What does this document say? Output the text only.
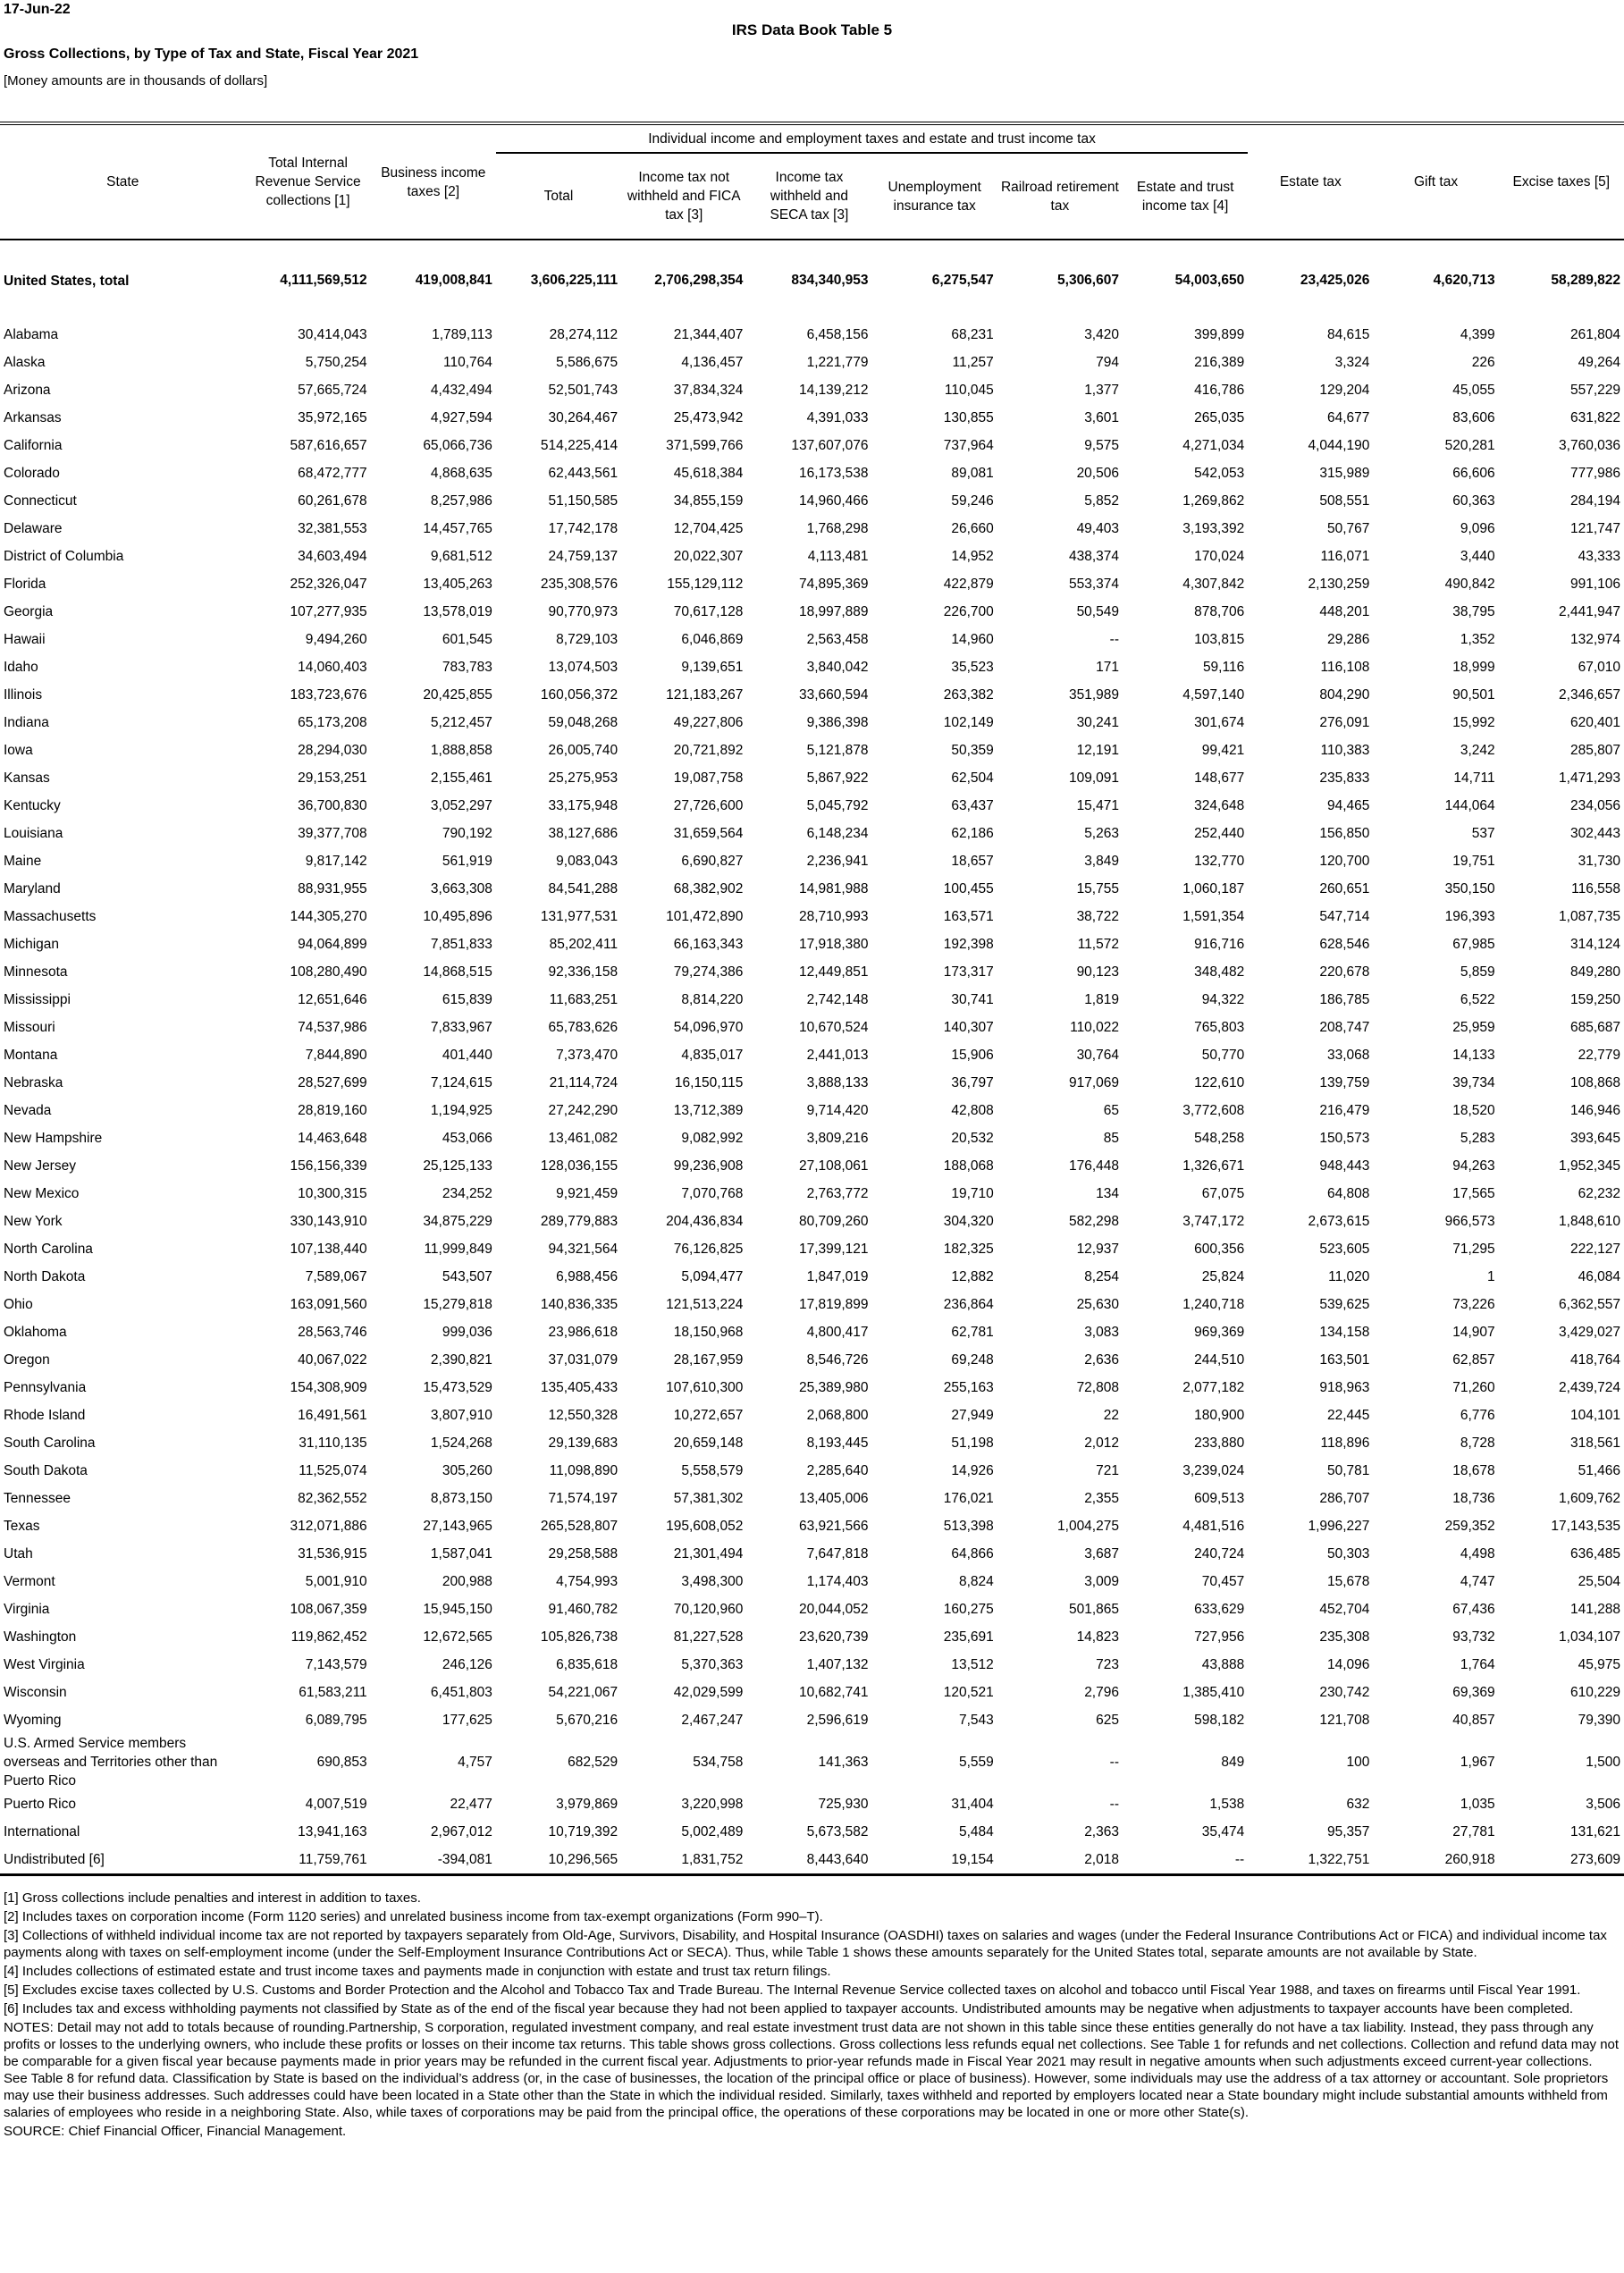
17-Jun-22
IRS Data Book Table 5
Gross Collections, by Type of Tax and State, Fiscal Year 2021
[Money amounts are in thousands of dollars]
State	Total Internal Revenue Service collections [1]	Business income taxes [2]	Individual income and employment taxes and estate and trust income tax						Estate tax	Gift tax	Excise taxes [5]
			Total	Income tax not withheld and FICA tax [3]	Income tax withheld and SECA tax [3]	Unemployment insurance tax	Railroad retirement tax	Estate and trust income tax [4]			

United States, total	4,111,569,512	419,008,841	3,606,225,111	2,706,298,354	834,340,953	6,275,547	5,306,607	54,003,650	23,425,026	4,620,713	58,289,822
Alabama	30,414,043	1,789,113	28,274,112	21,344,407	6,458,156	68,231	3,420	399,899	84,615	4,399	261,804
Alaska	5,750,254	110,764	5,586,675	4,136,457	1,221,779	11,257	794	216,389	3,324	226	49,264
Arizona	57,665,724	4,432,494	52,501,743	37,834,324	14,139,212	110,045	1,377	416,786	129,204	45,055	557,229
Arkansas	35,972,165	4,927,594	30,264,467	25,473,942	4,391,033	130,855	3,601	265,035	64,677	83,606	631,822
California	587,616,657	65,066,736	514,225,414	371,599,766	137,607,076	737,964	9,575	4,271,034	4,044,190	520,281	3,760,036
Colorado	68,472,777	4,868,635	62,443,561	45,618,384	16,173,538	89,081	20,506	542,053	315,989	66,606	777,986
Connecticut	60,261,678	8,257,986	51,150,585	34,855,159	14,960,466	59,246	5,852	1,269,862	508,551	60,363	284,194
Delaware	32,381,553	14,457,765	17,742,178	12,704,425	1,768,298	26,660	49,403	3,193,392	50,767	9,096	121,747
District of Columbia	34,603,494	9,681,512	24,759,137	20,022,307	4,113,481	14,952	438,374	170,024	116,071	3,440	43,333
Florida	252,326,047	13,405,263	235,308,576	155,129,112	74,895,369	422,879	553,374	4,307,842	2,130,259	490,842	991,106
Georgia	107,277,935	13,578,019	90,770,973	70,617,128	18,997,889	226,700	50,549	878,706	448,201	38,795	2,441,947
Hawaii	9,494,260	601,545	8,729,103	6,046,869	2,563,458	14,960	--	103,815	29,286	1,352	132,974
Idaho	14,060,403	783,783	13,074,503	9,139,651	3,840,042	35,523	171	59,116	116,108	18,999	67,010
Illinois	183,723,676	20,425,855	160,056,372	121,183,267	33,660,594	263,382	351,989	4,597,140	804,290	90,501	2,346,657
Indiana	65,173,208	5,212,457	59,048,268	49,227,806	9,386,398	102,149	30,241	301,674	276,091	15,992	620,401
Iowa	28,294,030	1,888,858	26,005,740	20,721,892	5,121,878	50,359	12,191	99,421	110,383	3,242	285,807
Kansas	29,153,251	2,155,461	25,275,953	19,087,758	5,867,922	62,504	109,091	148,677	235,833	14,711	1,471,293
Kentucky	36,700,830	3,052,297	33,175,948	27,726,600	5,045,792	63,437	15,471	324,648	94,465	144,064	234,056
Louisiana	39,377,708	790,192	38,127,686	31,659,564	6,148,234	62,186	5,263	252,440	156,850	537	302,443
Maine	9,817,142	561,919	9,083,043	6,690,827	2,236,941	18,657	3,849	132,770	120,700	19,751	31,730
Maryland	88,931,955	3,663,308	84,541,288	68,382,902	14,981,988	100,455	15,755	1,060,187	260,651	350,150	116,558
Massachusetts	144,305,270	10,495,896	131,977,531	101,472,890	28,710,993	163,571	38,722	1,591,354	547,714	196,393	1,087,735
Michigan	94,064,899	7,851,833	85,202,411	66,163,343	17,918,380	192,398	11,572	916,716	628,546	67,985	314,124
Minnesota	108,280,490	14,868,515	92,336,158	79,274,386	12,449,851	173,317	90,123	348,482	220,678	5,859	849,280
Mississippi	12,651,646	615,839	11,683,251	8,814,220	2,742,148	30,741	1,819	94,322	186,785	6,522	159,250
Missouri	74,537,986	7,833,967	65,783,626	54,096,970	10,670,524	140,307	110,022	765,803	208,747	25,959	685,687
Montana	7,844,890	401,440	7,373,470	4,835,017	2,441,013	15,906	30,764	50,770	33,068	14,133	22,779
Nebraska	28,527,699	7,124,615	21,114,724	16,150,115	3,888,133	36,797	917,069	122,610	139,759	39,734	108,868
Nevada	28,819,160	1,194,925	27,242,290	13,712,389	9,714,420	42,808	65	3,772,608	216,479	18,520	146,946
New Hampshire	14,463,648	453,066	13,461,082	9,082,992	3,809,216	20,532	85	548,258	150,573	5,283	393,645
New Jersey	156,156,339	25,125,133	128,036,155	99,236,908	27,108,061	188,068	176,448	1,326,671	948,443	94,263	1,952,345
New Mexico	10,300,315	234,252	9,921,459	7,070,768	2,763,772	19,710	134	67,075	64,808	17,565	62,232
New York	330,143,910	34,875,229	289,779,883	204,436,834	80,709,260	304,320	582,298	3,747,172	2,673,615	966,573	1,848,610
North Carolina	107,138,440	11,999,849	94,321,564	76,126,825	17,399,121	182,325	12,937	600,356	523,605	71,295	222,127
North Dakota	7,589,067	543,507	6,988,456	5,094,477	1,847,019	12,882	8,254	25,824	11,020	1	46,084
Ohio	163,091,560	15,279,818	140,836,335	121,513,224	17,819,899	236,864	25,630	1,240,718	539,625	73,226	6,362,557
Oklahoma	28,563,746	999,036	23,986,618	18,150,968	4,800,417	62,781	3,083	969,369	134,158	14,907	3,429,027
Oregon	40,067,022	2,390,821	37,031,079	28,167,959	8,546,726	69,248	2,636	244,510	163,501	62,857	418,764
Pennsylvania	154,308,909	15,473,529	135,405,433	107,610,300	25,389,980	255,163	72,808	2,077,182	918,963	71,260	2,439,724
Rhode Island	16,491,561	3,807,910	12,550,328	10,272,657	2,068,800	27,949	22	180,900	22,445	6,776	104,101
South Carolina	31,110,135	1,524,268	29,139,683	20,659,148	8,193,445	51,198	2,012	233,880	118,896	8,728	318,561
South Dakota	11,525,074	305,260	11,098,890	5,558,579	2,285,640	14,926	721	3,239,024	50,781	18,678	51,466
Tennessee	82,362,552	8,873,150	71,574,197	57,381,302	13,405,006	176,021	2,355	609,513	286,707	18,736	1,609,762
Texas	312,071,886	27,143,965	265,528,807	195,608,052	63,921,566	513,398	1,004,275	4,481,516	1,996,227	259,352	17,143,535
Utah	31,536,915	1,587,041	29,258,588	21,301,494	7,647,818	64,866	3,687	240,724	50,303	4,498	636,485
Vermont	5,001,910	200,988	4,754,993	3,498,300	1,174,403	8,824	3,009	70,457	15,678	4,747	25,504
Virginia	108,067,359	15,945,150	91,460,782	70,120,960	20,044,052	160,275	501,865	633,629	452,704	67,436	141,288
Washington	119,862,452	12,672,565	105,826,738	81,227,528	23,620,739	235,691	14,823	727,956	235,308	93,732	1,034,107
West Virginia	7,143,579	246,126	6,835,618	5,370,363	1,407,132	13,512	723	43,888	14,096	1,764	45,975
Wisconsin	61,583,211	6,451,803	54,221,067	42,029,599	10,682,741	120,521	2,796	1,385,410	230,742	69,369	610,229
Wyoming	6,089,795	177,625	5,670,216	2,467,247	2,596,619	7,543	625	598,182	121,708	40,857	79,390
U.S. Armed Service members overseas and Territories other than Puerto Rico	690,853	4,757	682,529	534,758	141,363	5,559	--	849	100	1,967	1,500
Puerto Rico	4,007,519	22,477	3,979,869	3,220,998	725,930	31,404	--	1,538	632	1,035	3,506
International	13,941,163	2,967,012	10,719,392	5,002,489	5,673,582	5,484	2,363	35,474	95,357	27,781	131,621
Undistributed [6]	11,759,761	-394,081	10,296,565	1,831,752	8,443,640	19,154	2,018	--	1,322,751	260,918	273,609

[1] Gross collections include penalties and interest in addition to taxes.

[2] Includes taxes on corporation income (Form 1120 series) and unrelated business income from tax-exempt organizations (Form 990–T).

[3] Collections of withheld individual income tax are not reported by taxpayers separately from Old-Age, Survivors, Disability, and Hospital Insurance (OASDHI) taxes on salaries and wages (under the Federal Insurance Contributions Act or FICA) and individual income tax payments along with taxes on self-employment income (under the Self-Employment Insurance Contributions Act or SECA). Thus, while Table 1 shows these amounts separately for the United States total, separate amounts are not available by State.

[4] Includes collections of estimated estate and trust income taxes and payments made in conjunction with estate and trust tax return filings.

[5] Excludes excise taxes collected by U.S. Customs and Border Protection and the Alcohol and Tobacco Tax and Trade Bureau. The Internal Revenue Service collected taxes on alcohol and tobacco until Fiscal Year 1988, and taxes on firearms until Fiscal Year 1991.

[6] Includes tax and excess withholding payments not classified by State as of the end of the fiscal year because they had not been applied to taxpayer accounts. Undistributed amounts may be negative when adjustments to taxpayer accounts have been completed.

NOTES: Detail may not add to totals because of rounding.Partnership, S corporation, regulated investment company, and real estate investment trust data are not shown in this table since these entities generally do not have a tax liability. Instead, they pass through any profits or losses to the underlying owners, who include these profits or losses on their income tax returns. This table shows gross collections. Gross collections less refunds equal net collections. See Table 1 for refunds and net collections. Collection and refund data may not be comparable for a given fiscal year because payments made in prior years may be refunded in the current fiscal year. Adjustments to prior-year refunds made in Fiscal Year 2021 may result in negative amounts when such adjustments exceed current-year collections. See Table 8 for refund data. Classification by State is based on the individual’s address (or, in the case of businesses, the location of the principal office or place of business). However, some individuals may use the address of a tax attorney or accountant. Sole proprietors may use their business addresses. Such addresses could have been located in a State other than the State in which the individual resided. Similarly, taxes withheld and reported by employers located near a State boundary might include substantial amounts withheld from salaries of employees who reside in a neighboring State. Also, while taxes of corporations may be paid from the principal office, the operations of these corporations may be located in one or more other State(s).

SOURCE: Chief Financial Officer, Financial Management.
